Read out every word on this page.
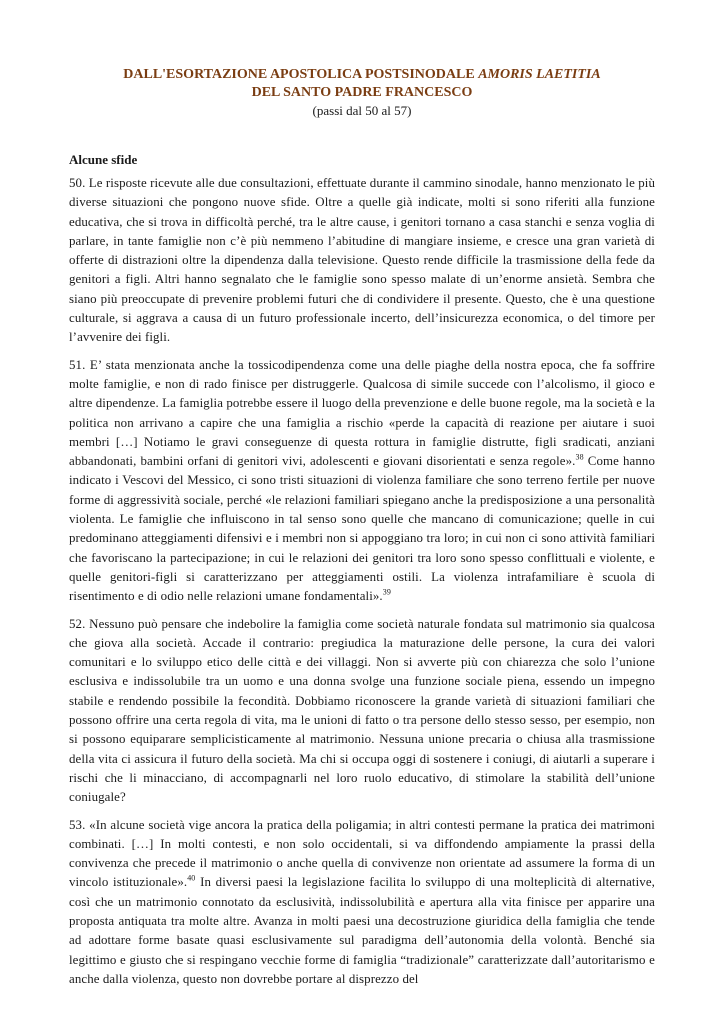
DALL'ESORTAZIONE APOSTOLICA POSTSINODALE AMORIS LAETITIA
DEL SANTO PADRE FRANCESCO
(passi dal 50 al 57)
Alcune sfide

50. Le risposte ricevute alle due consultazioni, effettuate durante il cammino sinodale, hanno menzionato le più diverse situazioni che pongono nuove sfide. Oltre a quelle già indicate, molti si sono riferiti alla funzione educativa, che si trova in difficoltà perché, tra le altre cause, i genitori tornano a casa stanchi e senza voglia di parlare, in tante famiglie non c’è più nemmeno l’abitudine di mangiare insieme, e cresce una gran varietà di offerte di distrazioni oltre la dipendenza dalla televisione. Questo rende difficile la trasmissione della fede da genitori a figli. Altri hanno segnalato che le famiglie sono spesso malate di un’enorme ansietà. Sembra che siano più preoccupate di prevenire problemi futuri che di condividere il presente. Questo, che è una questione culturale, si aggrava a causa di un futuro professionale incerto, dell’insicurezza economica, o del timore per l’avvenire dei figli.

51. E’ stata menzionata anche la tossicodipendenza come una delle piaghe della nostra epoca, che fa soffrire molte famiglie, e non di rado finisce per distruggerle. Qualcosa di simile succede con l’alcolismo, il gioco e altre dipendenze. La famiglia potrebbe essere il luogo della prevenzione e delle buone regole, ma la società e la politica non arrivano a capire che una famiglia a rischio «perde la capacità di reazione per aiutare i suoi membri […] Notiamo le gravi conseguenze di questa rottura in famiglie distrutte, figli sradicati, anziani abbandonati, bambini orfani di genitori vivi, adolescenti e giovani disorientati e senza regole».$^{38}$ Come hanno indicato i Vescovi del Messico, ci sono tristi situazioni di violenza familiare che sono terreno fertile per nuove forme di aggressività sociale, perché «le relazioni familiari spiegano anche la predisposizione a una personalità violenta. Le famiglie che influiscono in tal senso sono quelle che mancano di comunicazione; quelle in cui predominano atteggiamenti difensivi e i membri non si appoggiano tra loro; in cui non ci sono attività familiari che favoriscano la partecipazione; in cui le relazioni dei genitori tra loro sono spesso conflittuali e violente, e quelle genitori-figli si caratterizzano per atteggiamenti ostili. La violenza intrafamiliare è scuola di risentimento e di odio nelle relazioni umane fondamentali».$^{39}$

52. Nessuno può pensare che indebolire la famiglia come società naturale fondata sul matrimonio sia qualcosa che giova alla società. Accade il contrario: pregiudica la maturazione delle persone, la cura dei valori comunitari e lo sviluppo etico delle città e dei villaggi. Non si avverte più con chiarezza che solo l’unione esclusiva e indissolubile tra un uomo e una donna svolge una funzione sociale piena, essendo un impegno stabile e rendendo possibile la fecondità. Dobbiamo riconoscere la grande varietà di situazioni familiari che possono offrire una certa regola di vita, ma le unioni di fatto o tra persone dello stesso sesso, per esempio, non si possono equiparare semplicisticamente al matrimonio. Nessuna unione precaria o chiusa alla trasmissione della vita ci assicura il futuro della società. Ma chi si occupa oggi di sostenere i coniugi, di aiutarli a superare i rischi che li minacciano, di accompagnarli nel loro ruolo educativo, di stimolare la stabilità dell’unione coniugale?

53. «In alcune società vige ancora la pratica della poligamia; in altri contesti permane la pratica dei matrimoni combinati. […] In molti contesti, e non solo occidentali, si va diffondendo ampiamente la prassi della convivenza che precede il matrimonio o anche quella di convivenze non orientate ad assumere la forma di un vincolo istituzionale».$^{40}$ In diversi paesi la legislazione facilita lo sviluppo di una molteplicità di alternative, così che un matrimonio connotato da esclusività, indissolubilità e apertura alla vita finisce per apparire una proposta antiquata tra molte altre. Avanza in molti paesi una decostruzione giuridica della famiglia che tende ad adottare forme basate quasi esclusivamente sul paradigma dell’autonomia della volontà. Benché sia legittimo e giusto che si respingano vecchie forme di famiglia “tradizionale” caratterizzate dall’autoritarismo e anche dalla violenza, questo non dovrebbe portare al disprezzo del
